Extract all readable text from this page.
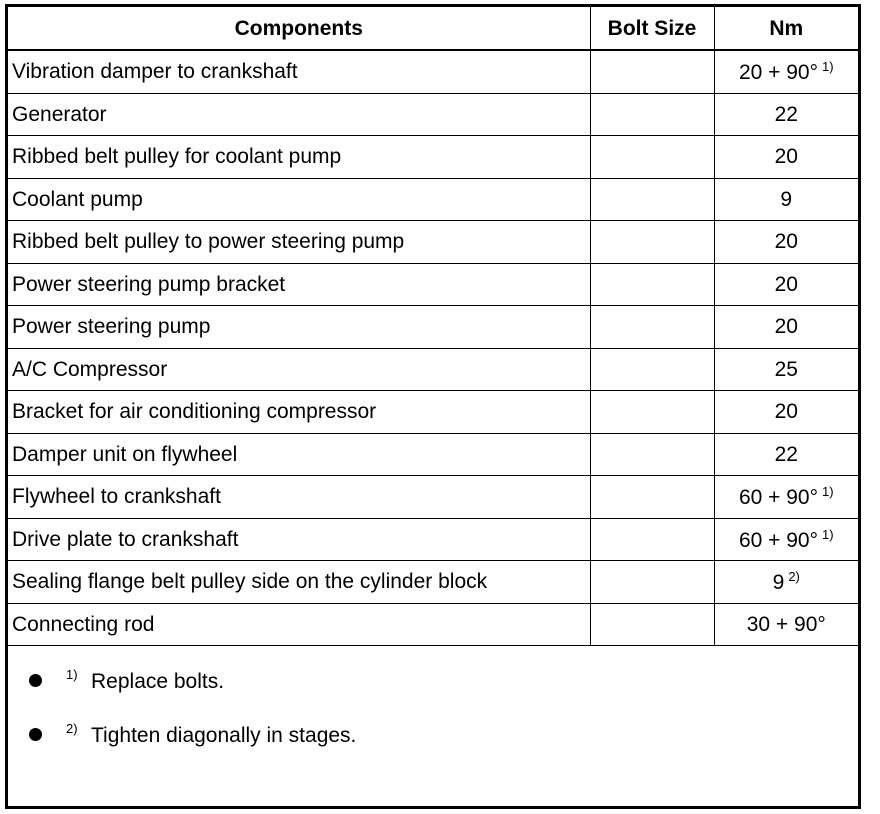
Components	Bolt Size	Nm
Vibration damper to crankshaft		20 + 90° $^{1)}$
Generator		22
Ribbed belt pulley for coolant pump		20
Coolant pump		9
Ribbed belt pulley to power steering pump		20
Power steering pump bracket		20
Power steering pump		20
A/C Compressor		25
Bracket for air conditioning compressor		20
Damper unit on flywheel		22
Flywheel to crankshaft		60 + 90° $^{1)}$
Drive plate to crankshaft		60 + 90° $^{1)}$
Sealing flange belt pulley side on the cylinder block		9 $^{2)}$
Connecting rod		30 + 90°
1) Replace bolts.
2) Tighten diagonally in stages.
